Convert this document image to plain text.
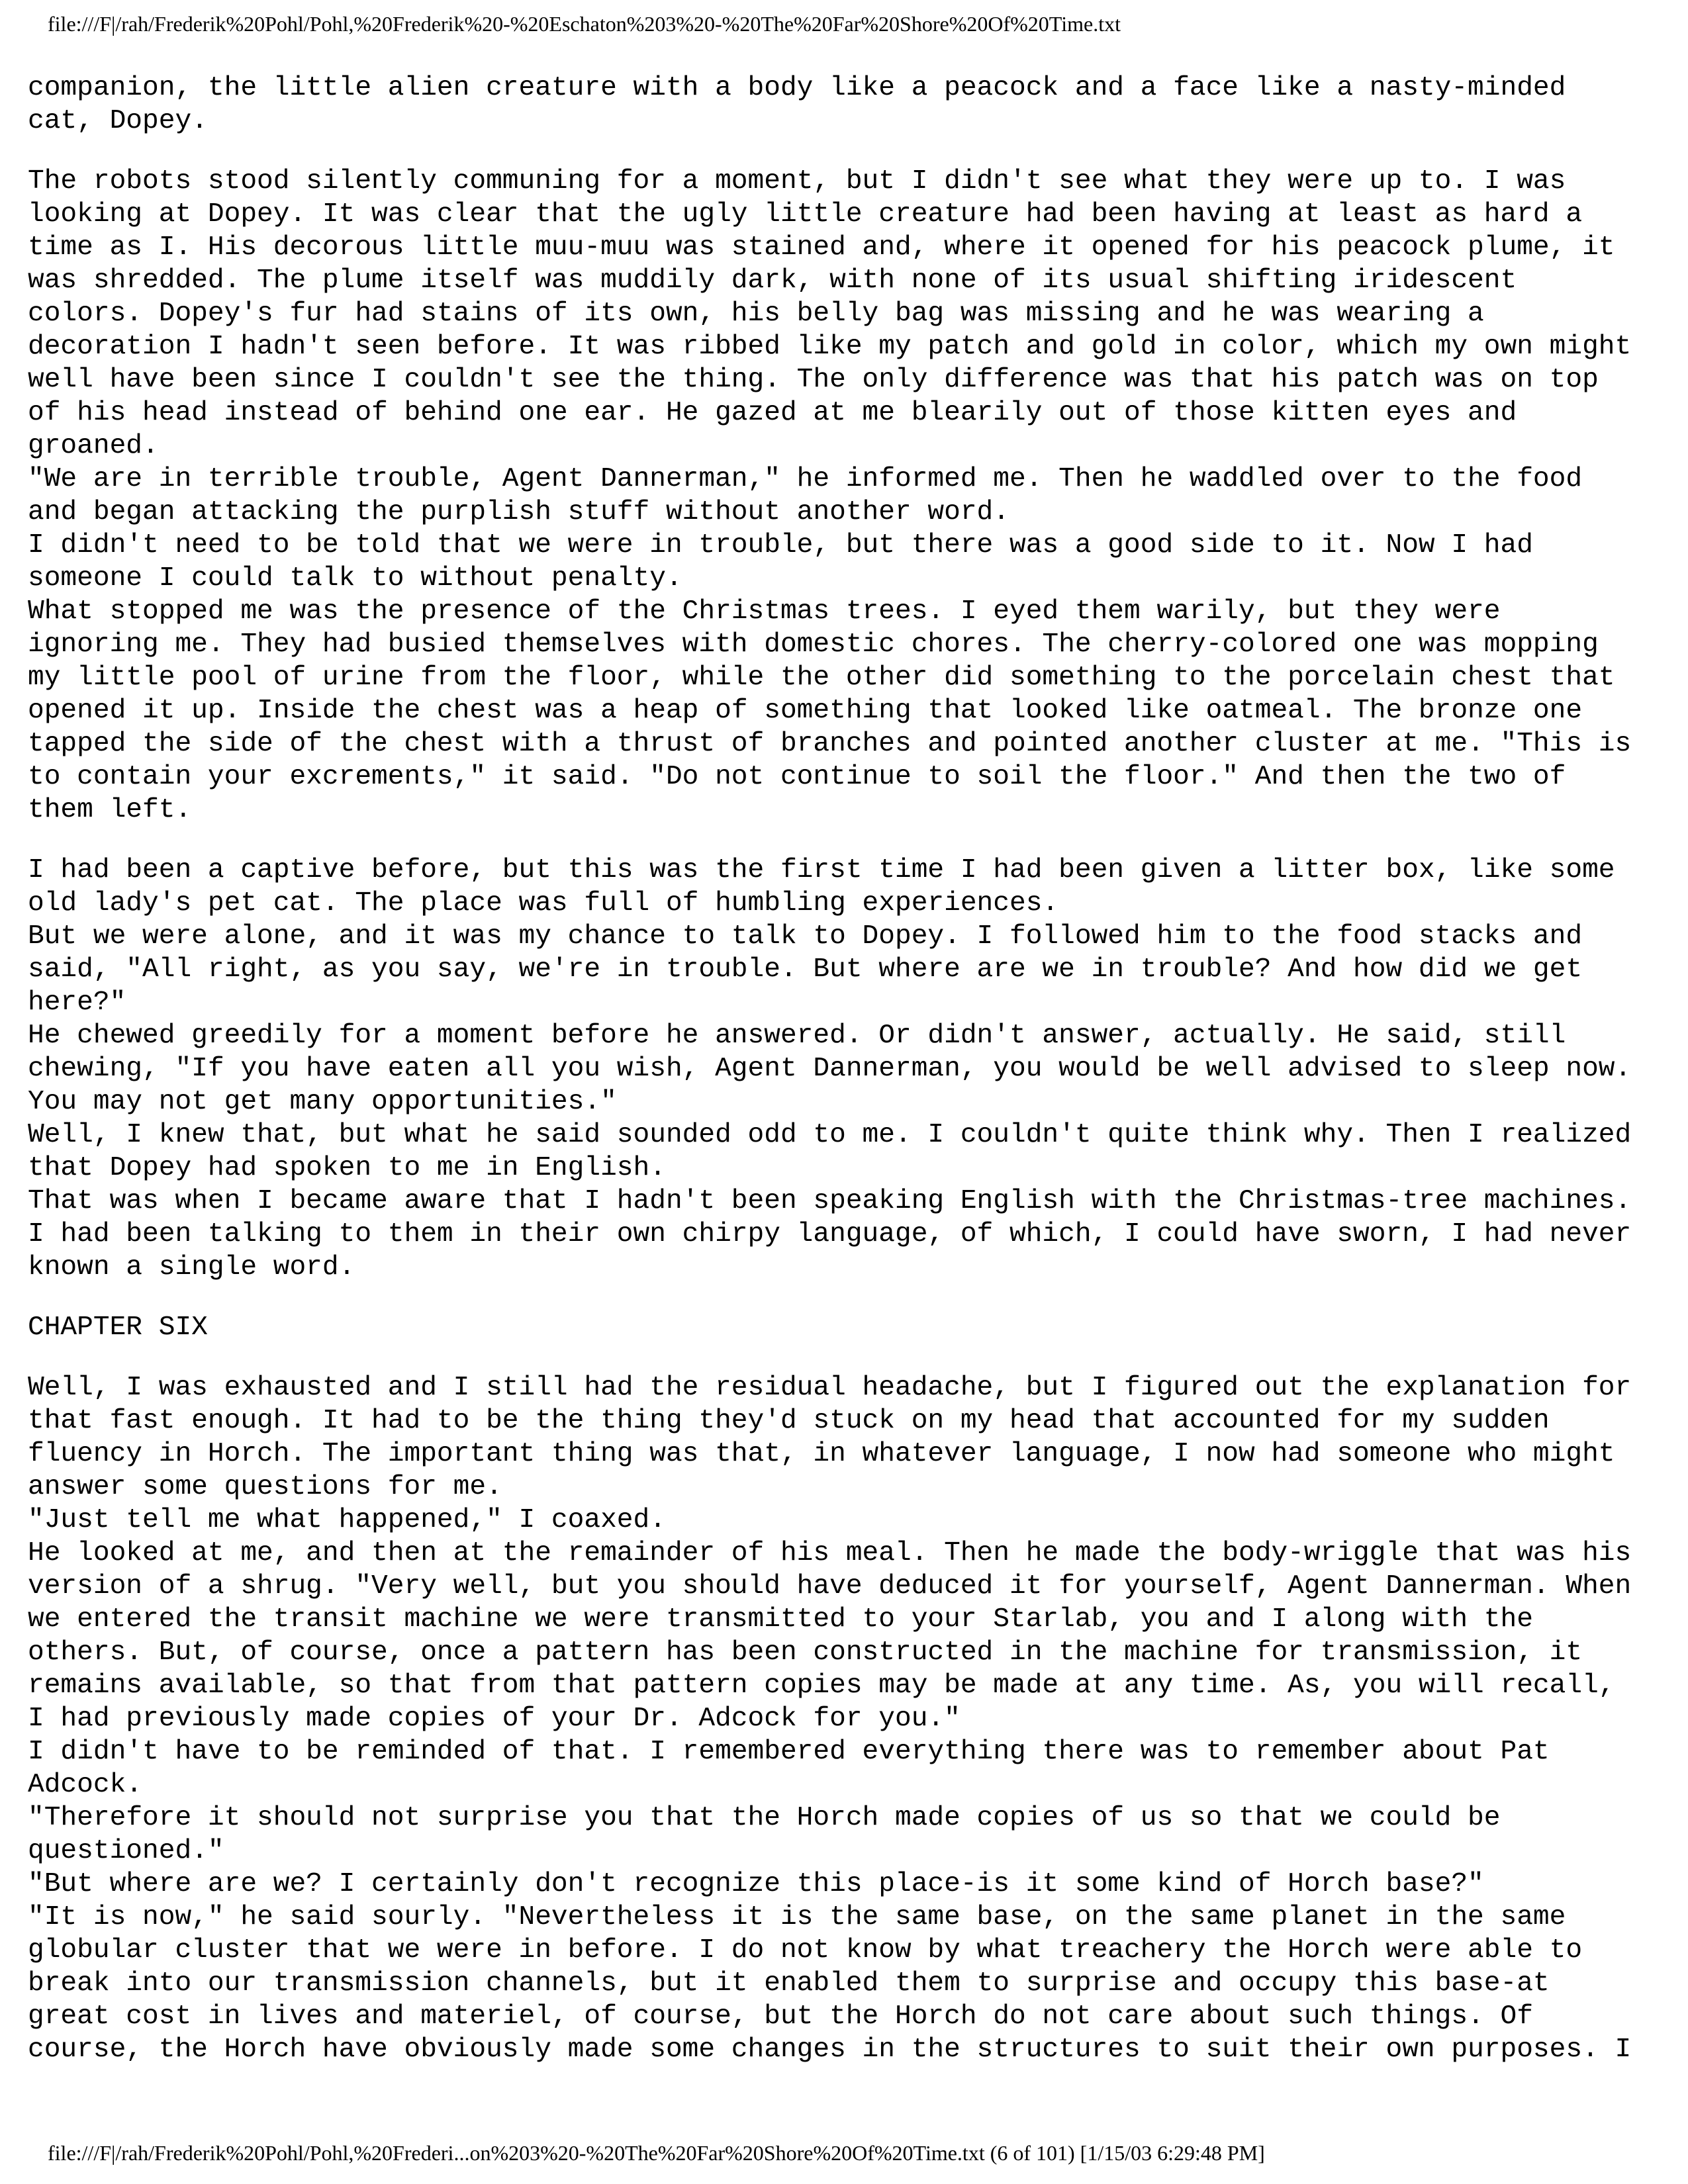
file:///F|/rah/Frederik%20Pohl/Pohl,%20Frederik%20-%20Eschaton%203%20-%20The%20Far%20Shore%20Of%20Time.txt
companion, the little alien creature with a body like a peacock and a face like a nasty-minded
cat, Dopey.
The robots stood silently communing for a moment, but I didn't see what they were up to. I was
looking at Dopey. It was clear that the ugly little creature had been having at least as hard a
time as I. His decorous little muu-muu was stained and, where it opened for his peacock plume, it
was shredded. The plume itself was muddily dark, with none of its usual shifting iridescent
colors. Dopey's fur had stains of its own, his belly bag was missing and he was wearing a
decoration I hadn't seen before. It was ribbed like my patch and gold in color, which my own might
well have been since I couldn't see the thing. The only difference was that his patch was on top
of his head instead of behind one ear. He gazed at me blearily out of those kitten eyes and
groaned.
"We are in terrible trouble, Agent Dannerman," he informed me. Then he waddled over to the food
and began attacking the purplish stuff without another word.
I didn't need to be told that we were in trouble, but there was a good side to it. Now I had
someone I could talk to without penalty.
What stopped me was the presence of the Christmas trees. I eyed them warily, but they were
ignoring me. They had busied themselves with domestic chores. The cherry-colored one was mopping
my little pool of urine from the floor, while the other did something to the porcelain chest that
opened it up. Inside the chest was a heap of something that looked like oatmeal. The bronze one
tapped the side of the chest with a thrust of branches and pointed another cluster at me. "This is
to contain your excrements," it said. "Do not continue to soil the floor." And then the two of
them left.
I had been a captive before, but this was the first time I had been given a litter box, like some
old lady's pet cat. The place was full of humbling experiences.
But we were alone, and it was my chance to talk to Dopey. I followed him to the food stacks and
said, "All right, as you say, we're in trouble. But where are we in trouble? And how did we get
here?"
He chewed greedily for a moment before he answered. Or didn't answer, actually. He said, still
chewing, "If you have eaten all you wish, Agent Dannerman, you would be well advised to sleep now.
You may not get many opportunities."
Well, I knew that, but what he said sounded odd to me. I couldn't quite think why. Then I realized
that Dopey had spoken to me in English.
That was when I became aware that I hadn't been speaking English with the Christmas-tree machines.
I had been talking to them in their own chirpy language, of which, I could have sworn, I had never
known a single word.
CHAPTER SIX
Well, I was exhausted and I still had the residual headache, but I figured out the explanation for
that fast enough. It had to be the thing they'd stuck on my head that accounted for my sudden
fluency in Horch. The important thing was that, in whatever language, I now had someone who might
answer some questions for me.
"Just tell me what happened," I coaxed.
He looked at me, and then at the remainder of his meal. Then he made the body-wriggle that was his
version of a shrug. "Very well, but you should have deduced it for yourself, Agent Dannerman. When
we entered the transit machine we were transmitted to your Starlab, you and I along with the
others. But, of course, once a pattern has been constructed in the machine for transmission, it
remains available, so that from that pattern copies may be made at any time. As, you will recall,
I had previously made copies of your Dr. Adcock for you."
I didn't have to be reminded of that. I remembered everything there was to remember about Pat
Adcock.
"Therefore it should not surprise you that the Horch made copies of us so that we could be
questioned."
"But where are we? I certainly don't recognize this place-is it some kind of Horch base?"
"It is now," he said sourly. "Nevertheless it is the same base, on the same planet in the same
globular cluster that we were in before. I do not know by what treachery the Horch were able to
break into our transmission channels, but it enabled them to surprise and occupy this base-at
great cost in lives and materiel, of course, but the Horch do not care about such things. Of
course, the Horch have obviously made some changes in the structures to suit their own purposes. I
file:///F|/rah/Frederik%20Pohl/Pohl,%20Frederi...on%203%20-%20The%20Far%20Shore%20Of%20Time.txt (6 of 101) [1/15/03 6:29:48 PM]
